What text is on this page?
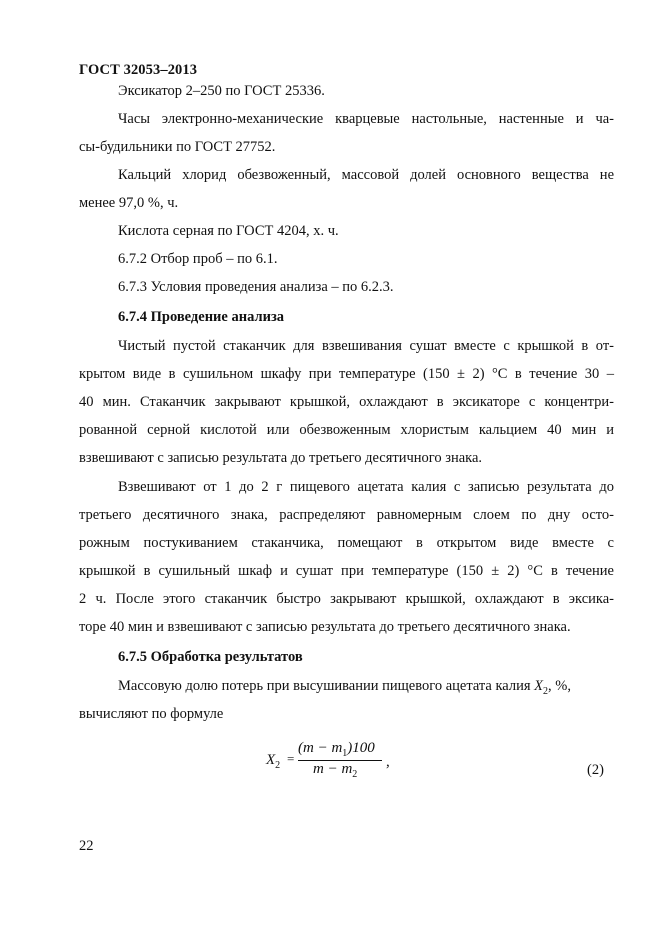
ГОСТ 32053–2013
Эксикатор 2–250 по ГОСТ 25336.
Часы электронно-механические кварцевые настольные, настенные и ча-
сы-будильники по ГОСТ 27752.
Кальций хлорид обезвоженный, массовой долей основного вещества не
менее 97,0 %, ч.
Кислота серная по ГОСТ 4204, х. ч.
6.7.2 Отбор проб – по 6.1.
6.7.3 Условия проведения анализа – по 6.2.3.
6.7.4 Проведение анализа
Чистый пустой стаканчик для взвешивания сушат вместе с крышкой в от-
крытом виде в сушильном шкафу при температуре (150 ± 2) °С в течение 30 –
40 мин. Стаканчик закрывают крышкой, охлаждают в эксикаторе с концентри-
рованной серной кислотой или обезвоженным хлористым кальцием 40 мин и
взвешивают с записью результата до третьего десятичного знака.
Взвешивают от 1 до 2 г пищевого ацетата калия с записью результата до
третьего десятичного знака, распределяют равномерным слоем по дну осто-
рожным постукиванием стаканчика, помещают в открытом виде вместе с
крышкой в сушильный шкаф и сушат при температуре (150 ± 2) °С в течение
2 ч. После этого стаканчик быстро закрывают крышкой, охлаждают в эксика-
торе 40 мин и взвешивают с записью результата до третьего десятичного знака.
6.7.5 Обработка результатов
Массовую долю потерь при высушивании пищевого ацетата калия $X_2$, %,
вычисляют по формуле
$X_2$ =
$(m - m_1)100$
$m - m_2$
,	(2)
22
